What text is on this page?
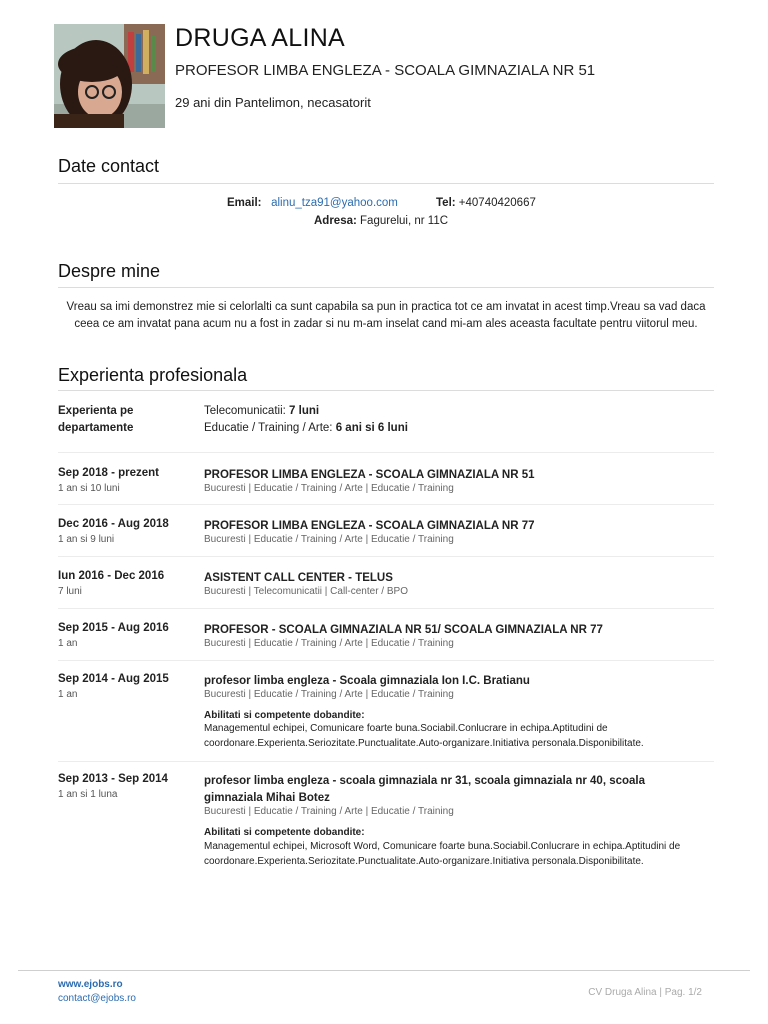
DRUGA ALINA
PROFESOR LIMBA ENGLEZA - SCOALA GIMNAZIALA NR 51
29 ani din Pantelimon, necasatorit
Date contact
Email: alinu_tza91@yahoo.com	Tel: +40740420667
Adresa: Fagurelui, nr 11C
Despre mine
Vreau sa imi demonstrez mie si celorlalti ca sunt capabila sa pun in practica tot ce am invatat in acest timp.Vreau sa vad daca ceea ce am invatat pana acum nu a fost in zadar si nu m-am inselat cand mi-am ales aceasta facultate pentru viitorul meu.
Experienta profesionala
Experienta pe departamente
Telecomunicatii: 7 luni
Educatie / Training / Arte: 6 ani si 6 luni
Sep 2018 - prezent
1 an si 10 luni
PROFESOR LIMBA ENGLEZA - SCOALA GIMNAZIALA NR 51
Bucuresti | Educatie / Training / Arte | Educatie / Training
Dec 2016 - Aug 2018
1 an si 9 luni
PROFESOR LIMBA ENGLEZA - SCOALA GIMNAZIALA NR 77
Bucuresti | Educatie / Training / Arte | Educatie / Training
Iun 2016 - Dec 2016
7 luni
ASISTENT CALL CENTER - TELUS
Bucuresti | Telecomunicatii | Call-center / BPO
Sep 2015 - Aug 2016
1 an
PROFESOR - SCOALA GIMNAZIALA NR 51/ SCOALA GIMNAZIALA NR 77
Bucuresti | Educatie / Training / Arte | Educatie / Training
Sep 2014 - Aug 2015
1 an
profesor limba engleza - Scoala gimnaziala Ion I.C. Bratianu
Bucuresti | Educatie / Training / Arte | Educatie / Training
Abilitati si competente dobandite:
Managementul echipei, Comunicare foarte buna.Sociabil.Conlucrare in echipa.Aptitudini de coordonare.Experienta.Seriozitate.Punctualitate.Auto-organizare.Initiativa personala.Disponibilitate.
Sep 2013 - Sep 2014
1 an si 1 luna
profesor limba engleza - scoala gimnaziala nr 31, scoala gimnaziala nr 40, scoala gimnaziala Mihai Botez
Bucuresti | Educatie / Training / Arte | Educatie / Training
Abilitati si competente dobandite:
Managementul echipei, Microsoft Word, Comunicare foarte buna.Sociabil.Conlucrare in echipa.Aptitudini de coordonare.Experienta.Seriozitate.Punctualitate.Auto-organizare.Initiativa personala.Disponibilitate.
www.ejobs.ro
contact@ejobs.ro
CV Druga Alina | Pag. 1/2
